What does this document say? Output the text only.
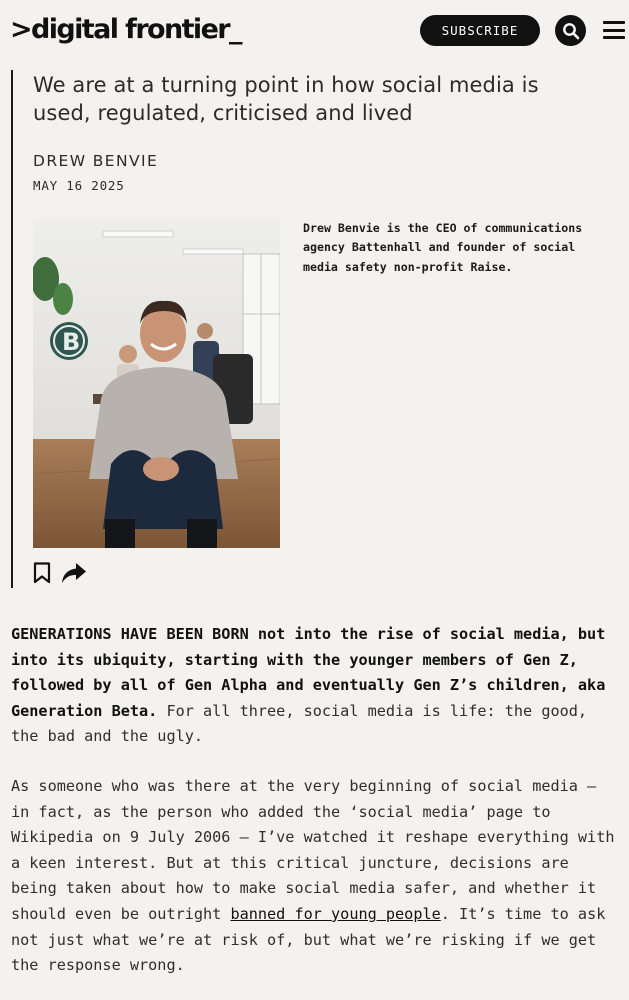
>digital frontier_	SUBSCRIBE
We are at a turning point in how social media is used, regulated, criticised and lived
DREW BENVIE
MAY 16 2025
B

Drew Benvie is the CEO of communications agency Battenhall and founder of social media safety non-profit Raise.

GENERATIONS HAVE BEEN BORN not into the rise of social media, but into its ubiquity, starting with the younger members of Gen Z, followed by all of Gen Alpha and eventually Gen Z’s children, aka Generation Beta. For all three, social media is life: the good, the bad and the ugly.

As someone who was there at the very beginning of social media – in fact, as the person who added the ‘social media’ page to Wikipedia on 9 July 2006 – I’ve watched it reshape everything with a keen interest. But at this critical juncture, decisions are being taken about how to make social media safer, and whether it should even be outright banned for young people. It’s time to ask not just what we’re at risk of, but what we’re risking if we get the response wrong.
